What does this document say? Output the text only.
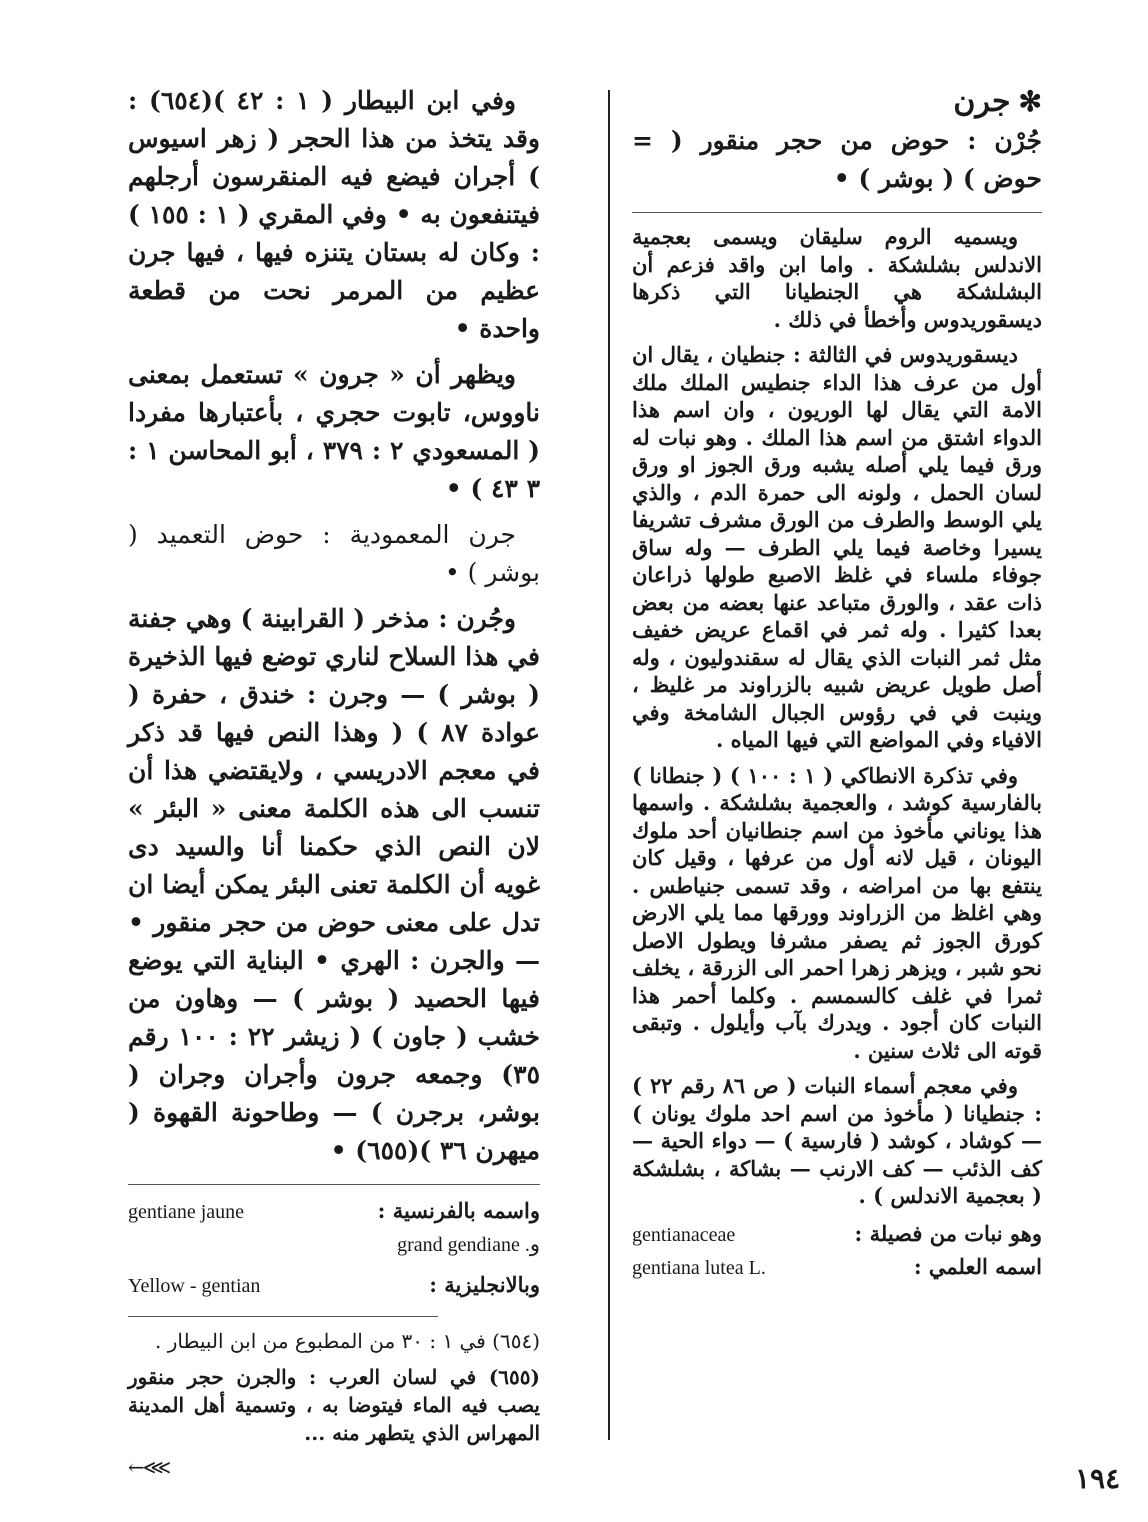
✻جرن

جُرْن : حوض من حجر منقور ( = حوض ) ( بوشر ) •

ويسميه الروم سليقان ويسمى بعجمية الاندلس بشلشكة . واما ابن واقد فزعم أن البشلشكة هي الجنطيانا التي ذكرها ديسقوريدوس وأخطأ في ذلك .

ديسقوريدوس في الثالثة : جنطيان ، يقال ان أول من عرف هذا الداء جنطيس الملك ملك الامة التي يقال لها الوريون ، وان اسم هذا الدواء اشتق من اسم هذا الملك . وهو نبات له ورق فيما يلي أصله يشبه ورق الجوز او ورق لسان الحمل ، ولونه الى حمرة الدم ، والذي يلي الوسط والطرف من الورق مشرف تشريفا يسيرا وخاصة فيما يلي الطرف — وله ساق جوفاء ملساء في غلظ الاصبع طولها ذراعان ذات عقد ، والورق متباعد عنها بعضه من بعض بعدا كثيرا . وله ثمر في اقماع عريض خفيف مثل ثمر النبات الذي يقال له سقندوليون ، وله أصل طويل عريض شبيه بالزراوند مر غليظ ، وينبت في في رؤوس الجبال الشامخة وفي الافياء وفي المواضع التي فيها المياه .

وفي تذكرة الانطاكي ( ١ : ١٠٠ ) ( جنطانا ) بالفارسية كوشد ، والعجمية بشلشكة . واسمها هذا يوناني مأخوذ من اسم جنطانيان أحد ملوك اليونان ، قيل لانه أول من عرفها ، وقيل كان ينتفع بها من امراضه ، وقد تسمى جنياطس . وهي اغلظ من الزراوند وورقها مما يلي الارض كورق الجوز ثم يصفر مشرفا ويطول الاصل نحو شبر ، ويزهر زهرا احمر الى الزرقة ، يخلف ثمرا في غلف كالسمسم . وكلما أحمر هذا النبات كان أجود . ويدرك بآب وأيلول . وتبقى قوته الى ثلاث سنين .

وفي معجم أسماء النبات ( ص ٨٦ رقم ٢٢ ) : جنطيانا ( مأخوذ من اسم احد ملوك يونان ) — كوشاد ، كوشد ( فارسية ) — دواء الحية — كف الذئب — كف الارنب — بشاكة ، بشلشكة ( بعجمية الاندلس ) .

وهو نبات من فصيلة :
gentianaceae
اسمه العلمي :
gentiana lutea L.

وفي ابن البيطار ( ١ : ٤٢ )(٦٥٤) : وقد يتخذ من هذا الحجر ( زهر اسيوس ) أجران فيضع فيه المنقرسون أرجلهم فيتنفعون به • وفي المقري ( ١ : ١٥٥ ) : وكان له بستان يتنزه فيها ، فيها جرن عظيم من المرمر نحت من قطعة واحدة •

ويظهر أن « جرون » تستعمل بمعنى ناووس، تابوت حجري ، بأعتبارها مفردا ( المسعودي ٢ : ٣٧٩ ، أبو المحاسن ١ : ٣ ٤٣ ) •

جرن المعمودية : حوض التعميد ( بوشر ) •

وجُرن : مذخر ( القرابينة ) وهي جفنة في هذا السلاح لناري توضع فيها الذخيرة ( بوشر ) — وجرن : خندق ، حفرة ( عوادة ٨٧ ) ( وهذا النص فيها قد ذكر في معجم الادريسي ، ولايقتضي هذا أن تنسب الى هذه الكلمة معنى « البئر » لان النص الذي حكمنا أنا والسيد دى غويه أن الكلمة تعنى البئر يمكن أيضا ان تدل على معنى حوض من حجر منقور • — والجرن : الهري • البناية التي يوضع فيها الحصيد ( بوشر ) — وهاون من خشب ( جاون ) ( زيشر ٢٢ : ١٠٠ رقم ٣٥) وجمعه جرون وأجران وجران ( بوشر، برجرن ) — وطاحونة القهوة ( ميهرن ٣٦ )(٦٥٥) •

واسمه بالفرنسية :
gentiane jaune
و
grand gendiane .
وبالانجليزية :
Yellow - gentian

(٦٥٤) في ١ : ٣٠ من المطبوع من ابن البيطار .

(٦٥٥) في لسان العرب : والجرن حجر منقور يصب فيه الماء فيتوضا به ، وتسمية أهل المدينة المهراس الذي يتطهر منه ...

←⋘	١٩٤
